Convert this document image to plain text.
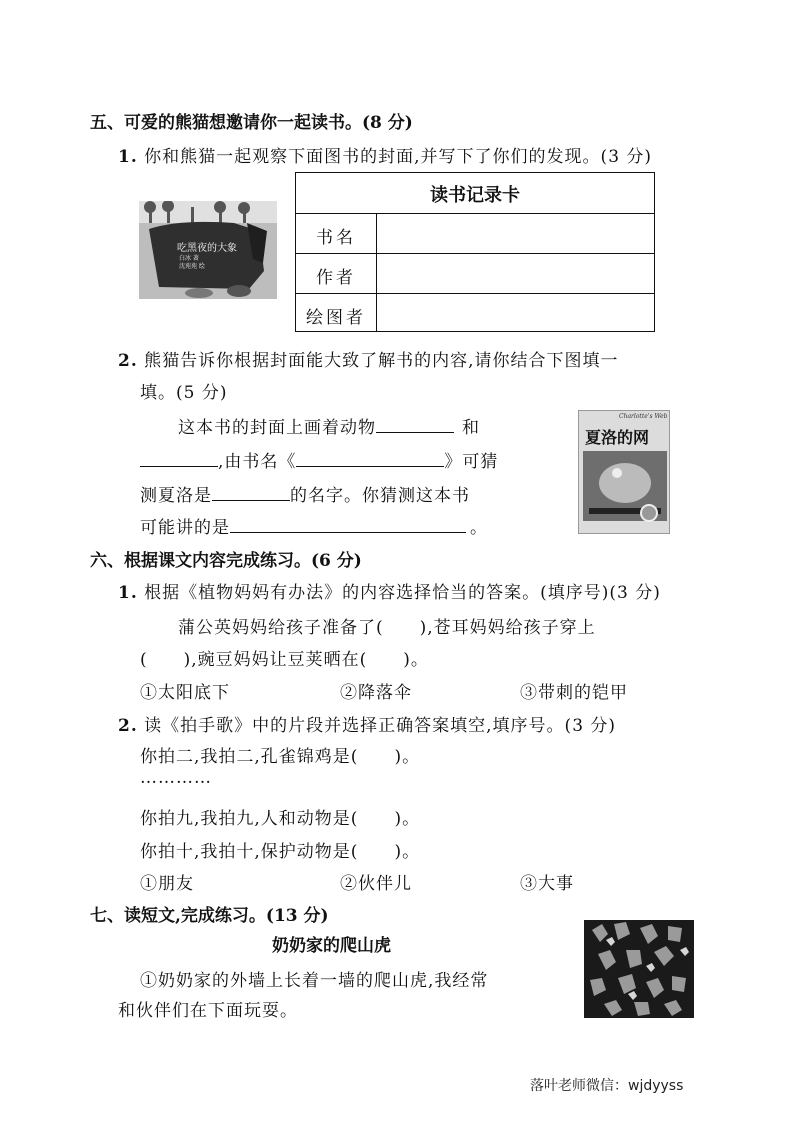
五、可爱的熊猫想邀请你一起读书。(8 分)
1. 你和熊猫一起观察下面图书的封面,并写下了你们的发现。(3 分)
吃黑夜的大象
白冰 著
沈苑苑 绘
读书记录卡
书名
作者
绘图者
2. 熊猫告诉你根据封面能大致了解书的内容,请你结合下图填一
填。(5 分)
这本书的封面上画着动物	和
,由书名《	》可猜
测夏洛是	的名字。你猜测这本书
可能讲的是	。
Charlotte's Web
夏洛的网
六、根据课文内容完成练习。(6 分)
1. 根据《植物妈妈有办法》的内容选择恰当的答案。(填序号)(3 分)
蒲公英妈妈给孩子准备了(　　),苍耳妈妈给孩子穿上
(　　),豌豆妈妈让豆荚晒在(　　)。
①太阳底下	②降落伞	③带刺的铠甲
2. 读《拍手歌》中的片段并选择正确答案填空,填序号。(3 分)
你拍二,我拍二,孔雀锦鸡是(　　)。
…………
你拍九,我拍九,人和动物是(　　)。
你拍十,我拍十,保护动物是(　　)。
①朋友	②伙伴儿	③大事
七、读短文,完成练习。(13 分)
奶奶家的爬山虎
①奶奶家的外墙上长着一墙的爬山虎,我经常
和伙伴们在下面玩耍。
落叶老师微信：wjdyyss
